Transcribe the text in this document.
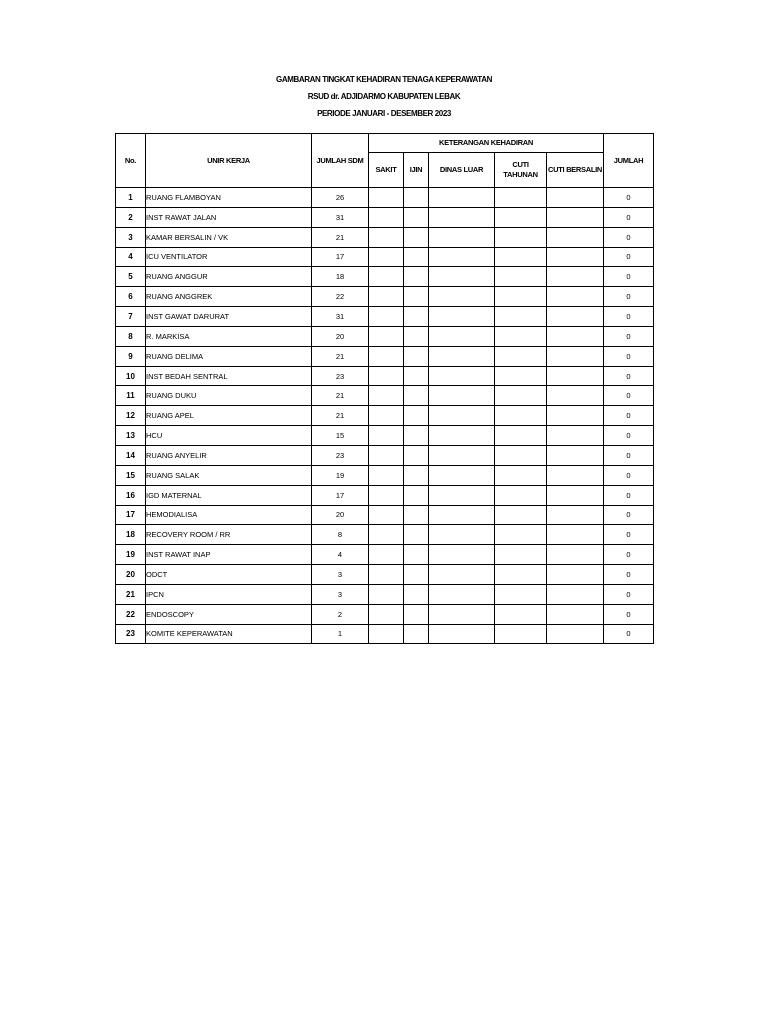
GAMBARAN TINGKAT KEHADIRAN TENAGA KEPERAWATAN
RSUD dr. ADJIDARMO KABUPATEN LEBAK
PERIODE JANUARI - DESEMBER 2023
No.	UNIR KERJA	JUMLAH SDM	KETERANGAN KEHADIRAN					JUMLAH
			SAKIT	IJIN	DINAS LUAR	CUTI TAHUNAN	CUTI BERSALIN	
1	RUANG FLAMBOYAN	26						0
2	INST RAWAT JALAN	31						0
3	KAMAR BERSALIN / VK	21						0
4	ICU VENTILATOR	17						0
5	RUANG ANGGUR	18						0
6	RUANG ANGGREK	22						0
7	INST GAWAT DARURAT	31						0
8	R. MARKISA	20						0
9	RUANG DELIMA	21						0
10	INST BEDAH SENTRAL	23						0
11	RUANG DUKU	21						0
12	RUANG APEL	21						0
13	HCU	15						0
14	RUANG ANYELIR	23						0
15	RUANG SALAK	19						0
16	IGD MATERNAL	17						0
17	HEMODIALISA	20						0
18	RECOVERY ROOM / RR	8						0
19	INST RAWAT INAP	4						0
20	ODCT	3						0
21	IPCN	3						0
22	ENDOSCOPY	2						0
23	KOMITE KEPERAWATAN	1						0
